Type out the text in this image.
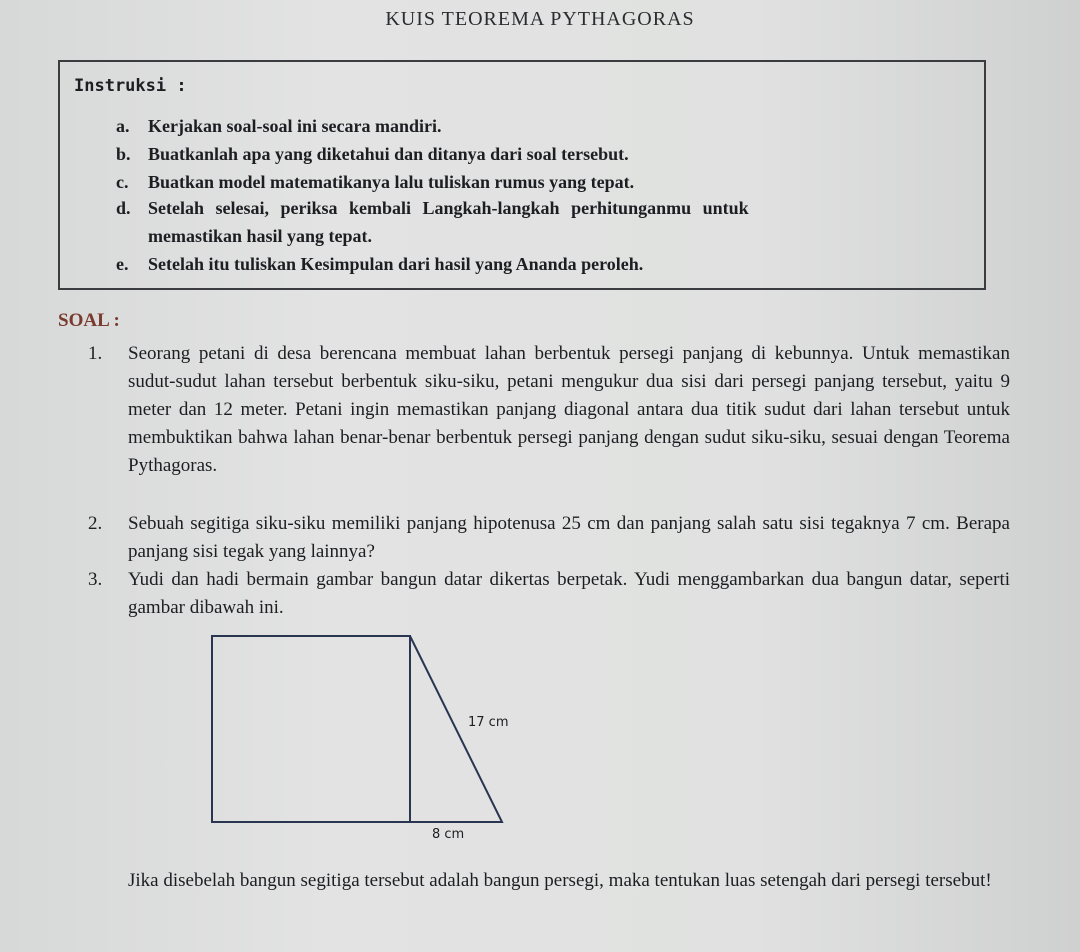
KUIS TEOREMA PYTHAGORAS
Instruksi :
a. Kerjakan soal-soal ini secara mandiri.
b. Buatkanlah apa yang diketahui dan ditanya dari soal tersebut.
c. Buatkan model matematikanya lalu tuliskan rumus yang tepat.
d. Setelah selesai, periksa kembali Langkah-langkah perhitunganmu untuk
memastikan hasil yang tepat.
e. Setelah itu tuliskan Kesimpulan dari hasil yang Ananda peroleh.
SOAL :
1. Seorang petani di desa berencana membuat lahan berbentuk persegi panjang di kebunnya. Untuk memastikan sudut-sudut lahan tersebut berbentuk siku-siku, petani mengukur dua sisi dari persegi panjang tersebut, yaitu 9 meter dan 12 meter. Petani ingin memastikan panjang diagonal antara dua titik sudut dari lahan tersebut untuk membuktikan bahwa lahan benar-benar berbentuk persegi panjang dengan sudut siku-siku, sesuai dengan Teorema Pythagoras.
2. Sebuah segitiga siku-siku memiliki panjang hipotenusa 25 cm dan panjang salah satu sisi tegaknya 7 cm. Berapa panjang sisi tegak yang lainnya?
3. Yudi dan hadi bermain gambar bangun datar dikertas berpetak. Yudi menggambarkan dua bangun datar, seperti gambar dibawah ini.
17 cm
8 cm
Jika disebelah bangun segitiga tersebut adalah bangun persegi, maka tentukan luas setengah dari persegi tersebut!
